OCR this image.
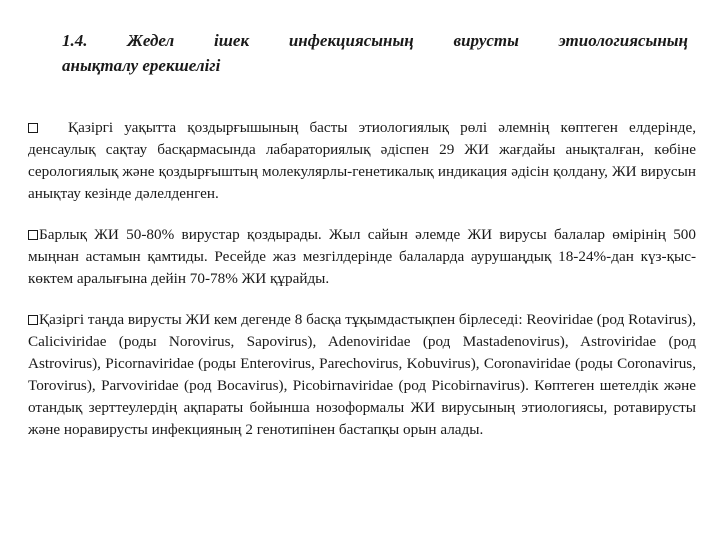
1.4. Жедел ішек инфекциясының вирусты этиологиясының
анықталу ерекшелігі
Қазіргі уақытта қоздырғышының басты этиологиялық рөлі әлемнің көптеген елдерінде, денсаулық сақтау басқармасында лабараториялық әдіспен 29 ЖИ жағдайы анықталған, көбіне серологиялық және қоздырғыштың молекулярлы-генетикалық индикация әдісін қолдану, ЖИ вирусын анықтау кезінде дәлелденген.
Барлық ЖИ 50-80% вирустар қоздырады. Жыл сайын әлемде ЖИ вирусы балалар өмірінің 500 мыңнан астамын қамтиды. Ресейде жаз мезгілдерінде балаларда аурушаңдық 18-24%-дан күз-қыс-көктем аралығына дейін 70-78% ЖИ құрайды.
Қазіргі таңда вирусты ЖИ кем дегенде 8 басқа тұқымдастықпен бірлеседі: Reoviridae (род Rotavirus), Caliciviridae (роды Norovirus, Sapovirus), Adenoviridae (род Mastadenovirus), Astroviridae (род Astrovirus), Picornaviridae (роды Enterovirus, Parechovirus, Kobuvirus), Coronaviridae (роды Coronavirus, Torovirus), Parvoviridae (род Bocavirus), Picobirnaviridae (род Picobirnavirus). Көптеген шетелдік және отандық зерттеулердің ақпараты бойынша нозоформалы ЖИ вирусының этиологиясы, ротавирусты және норавирусты инфекцияның 2 генотипінен бастапқы орын алады.
